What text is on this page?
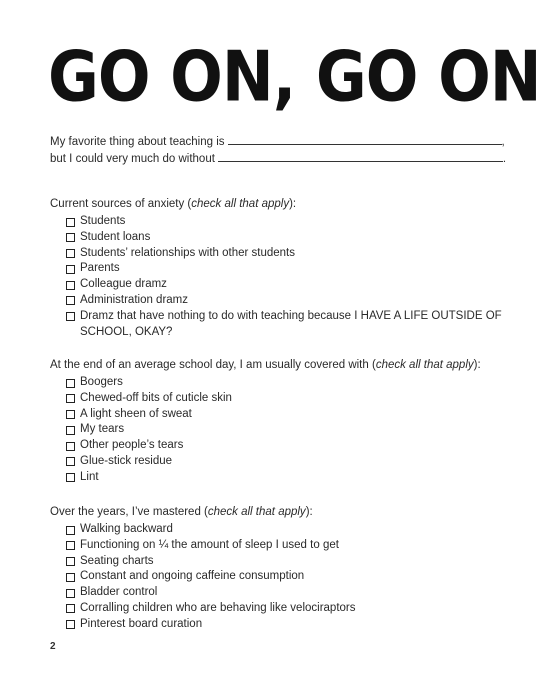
GO ON, GO ON
My favorite thing about teaching is	,
but I could very much do without	.

Current sources of anxiety (check all that apply):

Students
Student loans
Students’ relationships with other students
Parents
Colleague dramz
Administration dramz
Dramz that have nothing to do with teaching because I HAVE A LIFE OUTSIDE OF SCHOOL, OKAY?

At the end of an average school day, I am usually covered with (check all that apply):

Boogers
Chewed-off bits of cuticle skin
A light sheen of sweat
My tears
Other people’s tears
Glue-stick residue
Lint

Over the years, I’ve mastered (check all that apply):

Walking backward
Functioning on ¼ the amount of sleep I used to get
Seating charts
Constant and ongoing caffeine consumption
Bladder control
Corralling children who are behaving like velociraptors
Pinterest board curation
2
